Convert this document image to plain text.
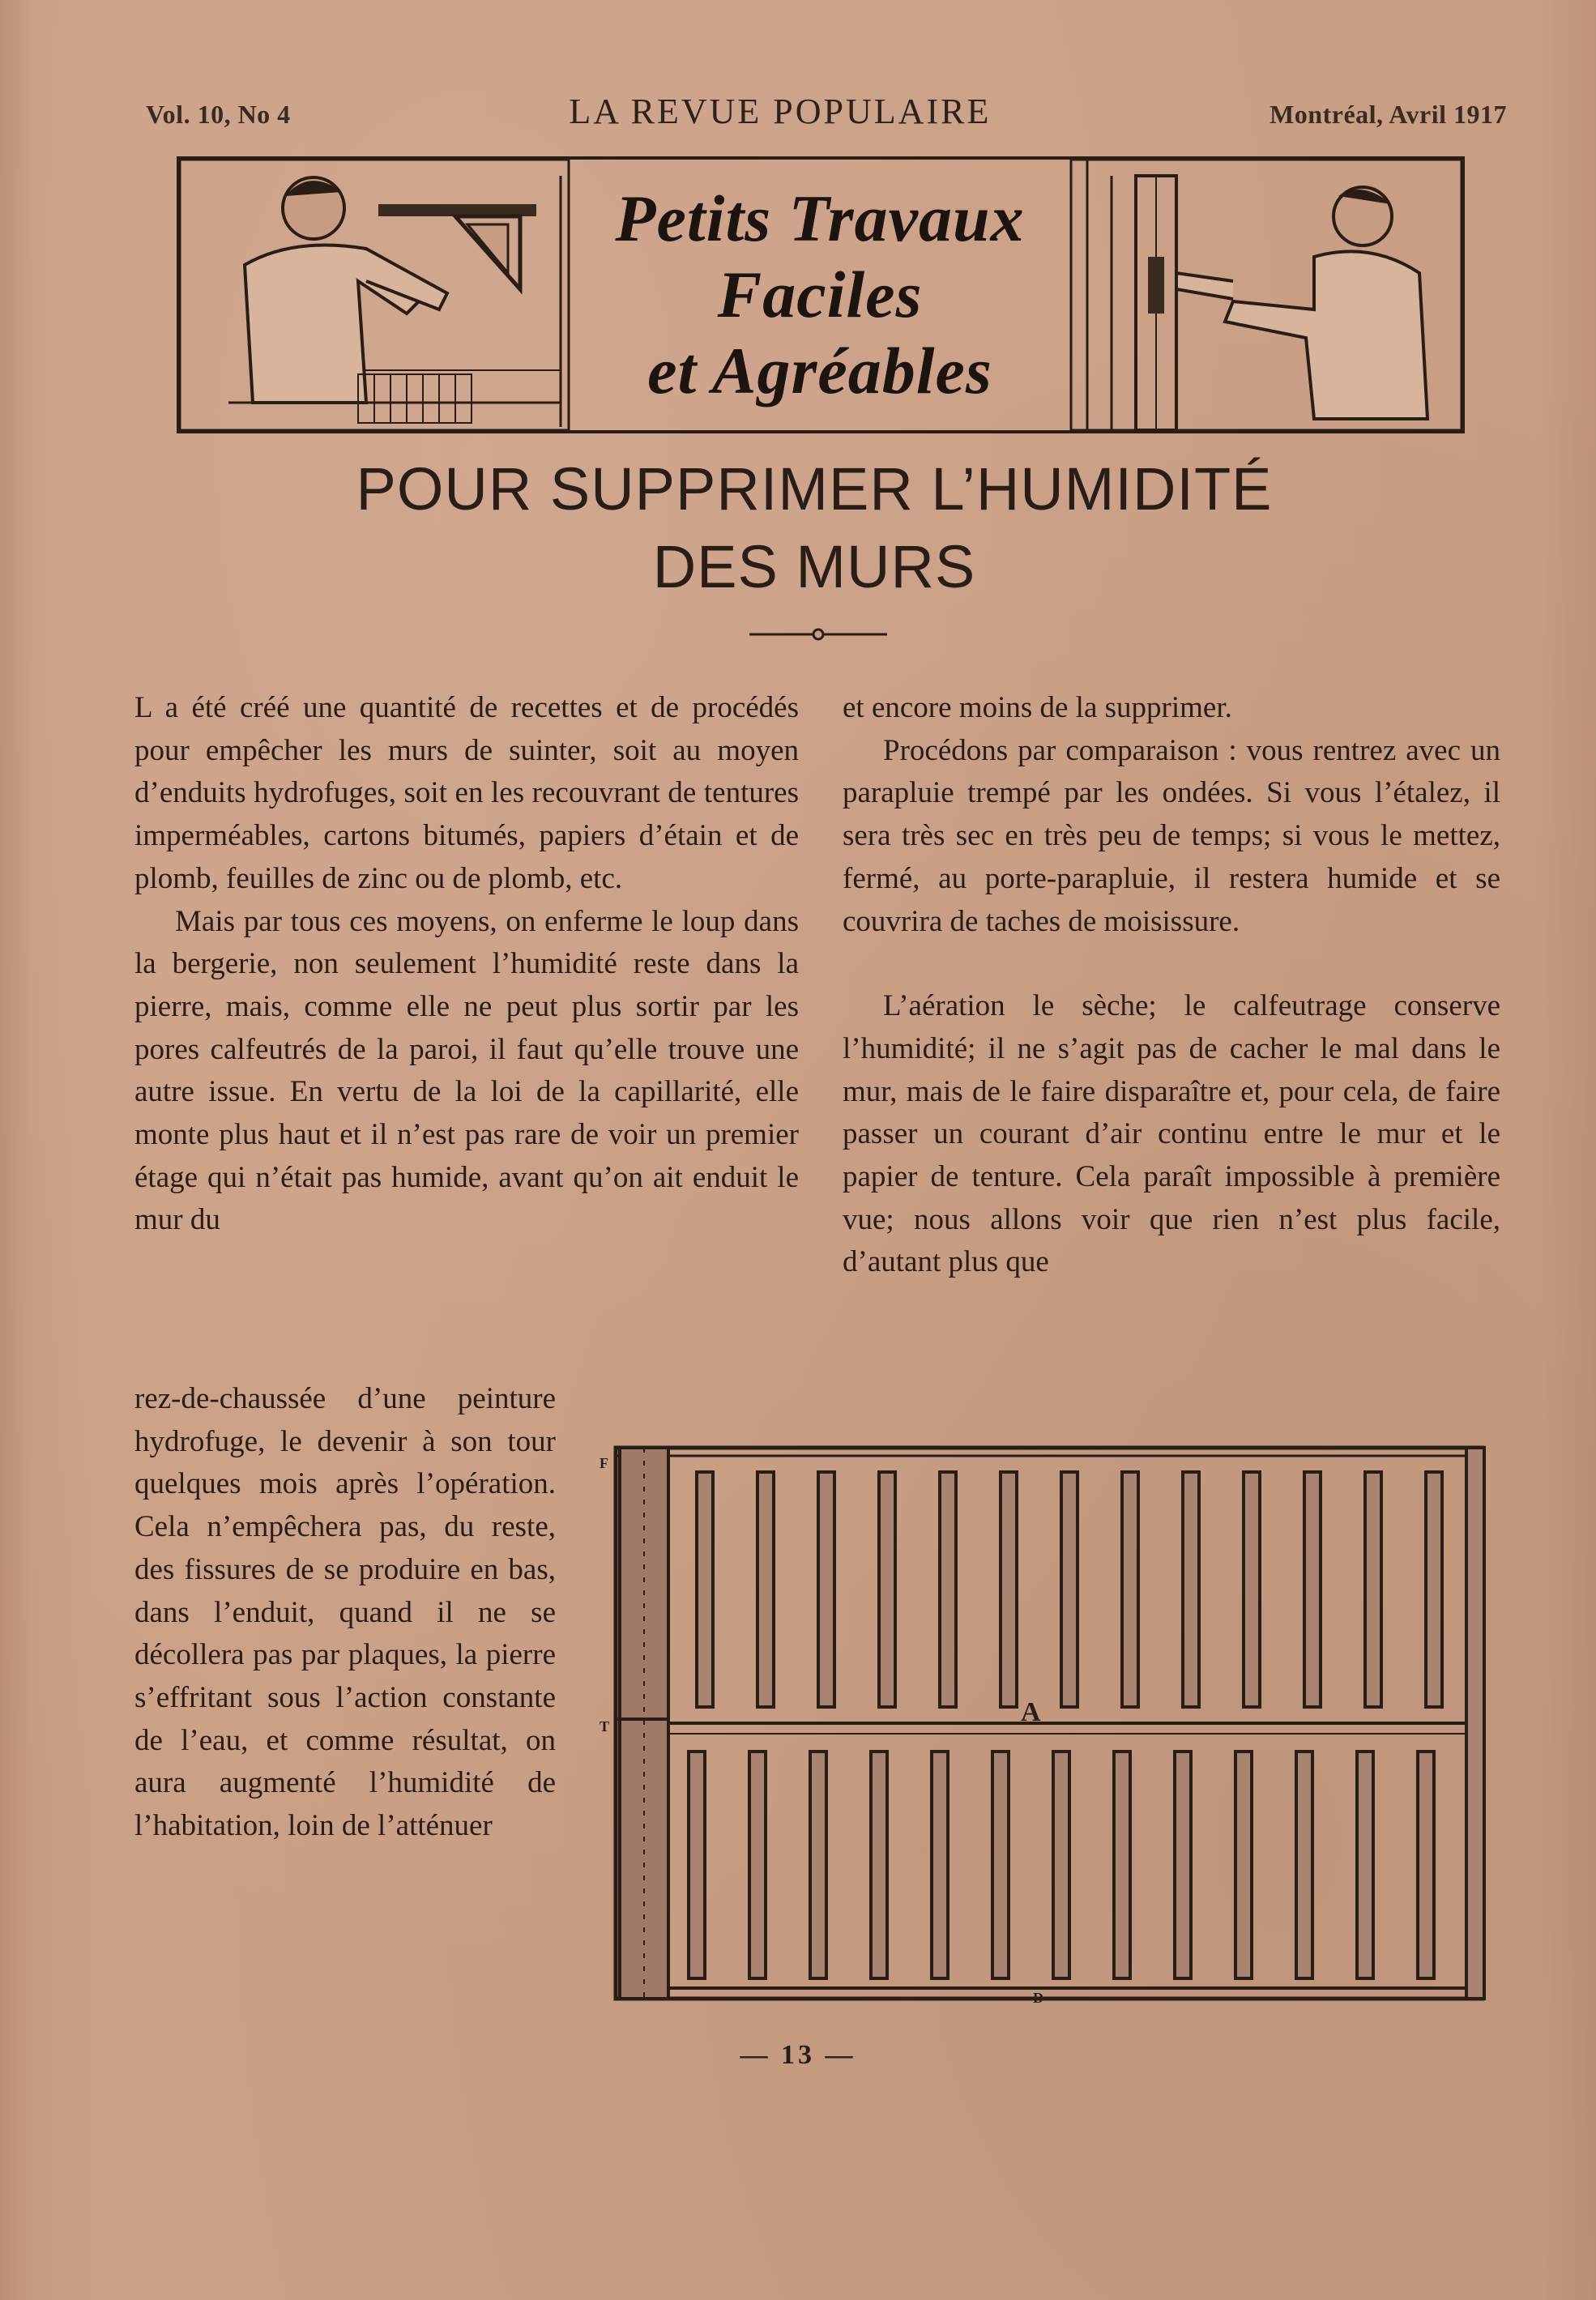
Vol. 10, No 4	LA REVUE POPULAIRE	Montréal, Avril 1917
Petits Travaux
Faciles
et Agréables
POUR SUPPRIMER L’HUMIDITÉ
DES MURS

L a été créé une quantité de recettes et de procédés pour empêcher les murs de suinter, soit au moyen d’enduits hydrofuges, soit en les recouvrant de tentures imperméables, cartons bitumés, papiers d’étain et de plomb, feuilles de zinc ou de plomb, etc.

Mais par tous ces moyens, on enferme le loup dans la bergerie, non seulement l’humidité reste dans la pierre, mais, comme elle ne peut plus sortir par les pores calfeutrés de la paroi, il faut qu’elle trouve une autre issue. En vertu de la loi de la capillarité, elle monte plus haut et il n’est pas rare de voir un premier étage qui n’était pas humide, avant qu’on ait enduit le mur du

rez-de-chaussée d’une peinture hydrofuge, le devenir à son tour quelques mois après l’opération. Cela n’empêchera pas, du reste, des fissures de se produire en bas, dans l’enduit, quand il ne se décollera pas par plaques, la pierre s’effritant sous l’action constante de l’eau, et comme résultat, on aura augmenté l’humidité de l’habitation, loin de l’atténuer

et encore moins de la supprimer.

Procédons par comparaison : vous rentrez avec un parapluie trempé par les ondées. Si vous l’étalez, il sera très sec en très peu de temps; si vous le mettez, fermé, au porte-parapluie, il restera humide et se couvrira de taches de moisissure.

L’aération le sèche; le calfeutrage conserve l’humidité; il ne s’agit pas de cacher le mal dans le mur, mais de le faire disparaître et, pour cela, de faire passer un courant d’air continu entre le mur et le papier de tenture. Cela paraît impossible à première vue; nous allons voir que rien n’est plus facile, d’autant plus que

A
D
F
T
— 13 —
